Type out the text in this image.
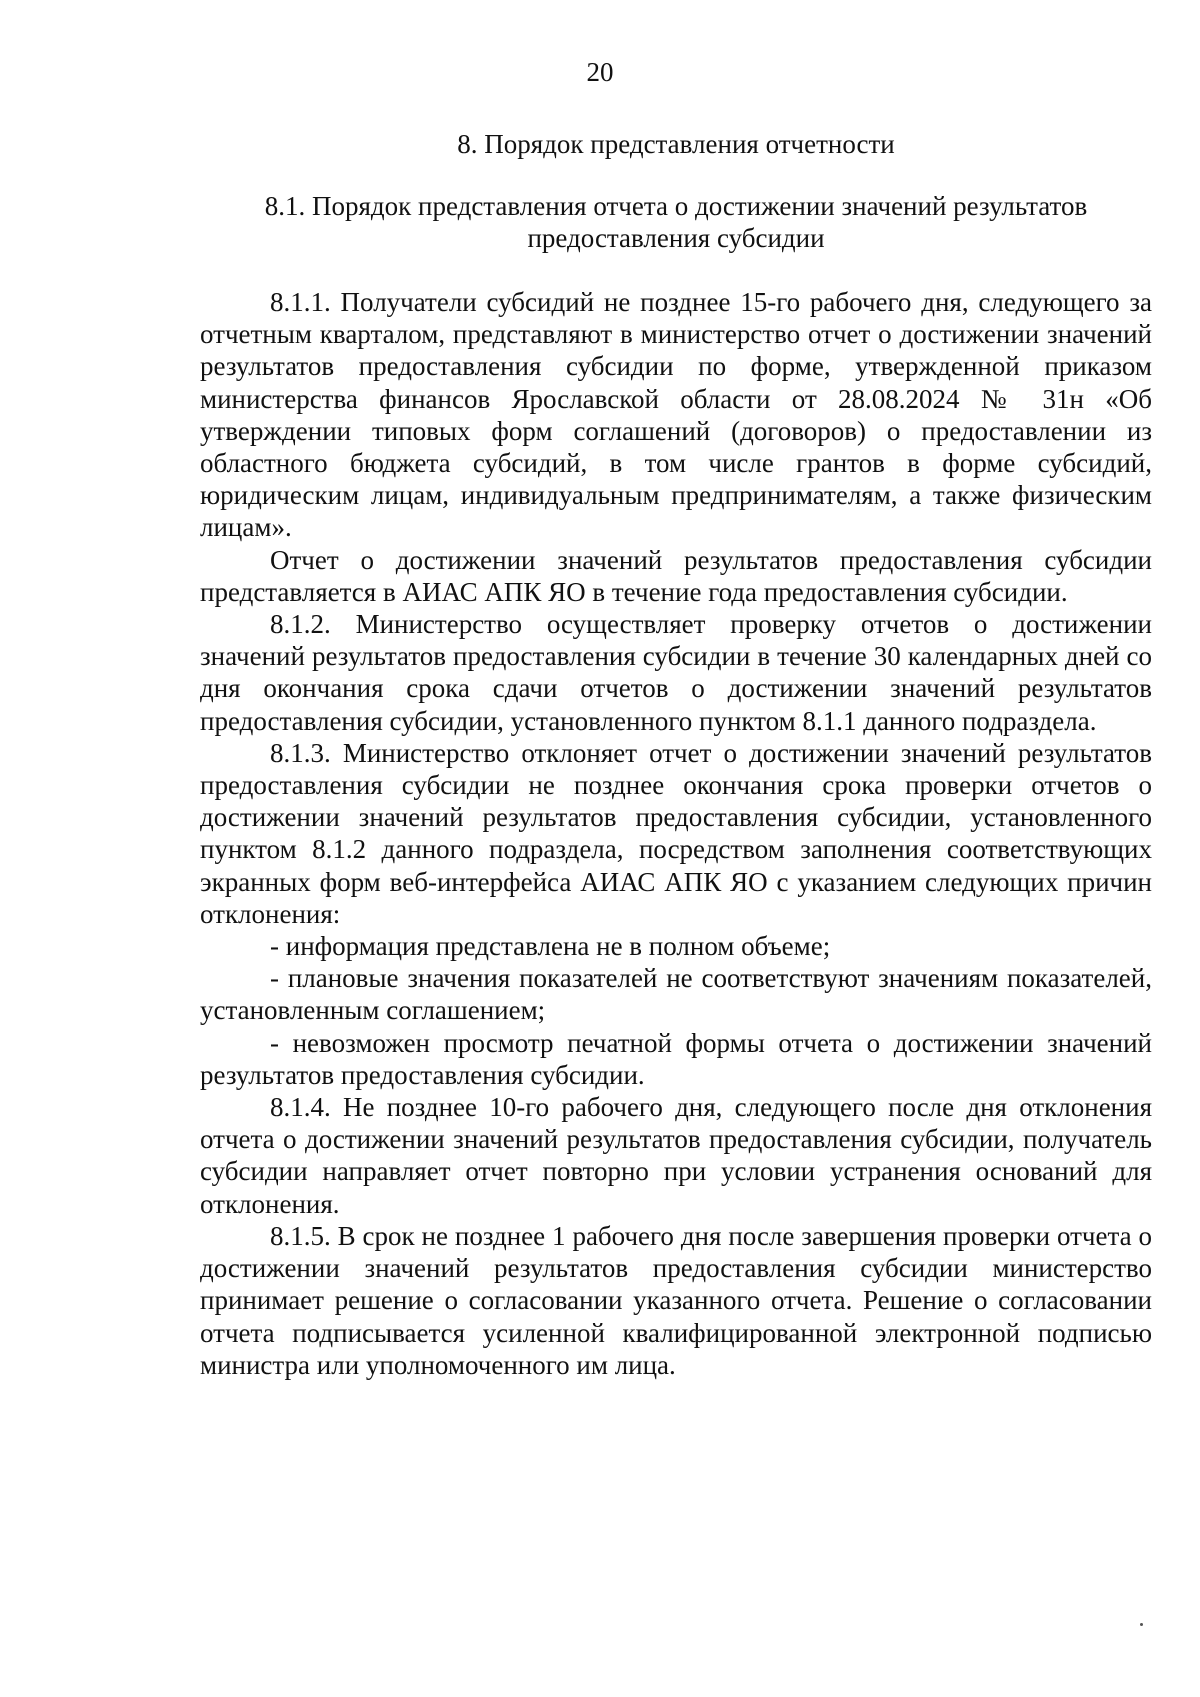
20
8. Порядок представления отчетности
8.1. Порядок представления отчета о достижении значений результатов предоставления субсидии

8.1.1. Получатели субсидий не позднее 15-го рабочего дня, следующего за отчетным кварталом, представляют в министерство отчет о достижении значений результатов предоставления субсидии по форме, утвержденной приказом министерства финансов Ярославской области от 28.08.2024 № 31н «Об утверждении типовых форм соглашений (договоров) о предоставлении из областного бюджета субсидий, в том числе грантов в форме субсидий, юридическим лицам, индивидуальным предпринимателям, а также физическим лицам».

Отчет о достижении значений результатов предоставления субсидии представляется в АИАС АПК ЯО в течение года предоставления субсидии.

8.1.2. Министерство осуществляет проверку отчетов о достижении значений результатов предоставления субсидии в течение 30 календарных дней со дня окончания срока сдачи отчетов о достижении значений результатов предоставления субсидии, установленного пунктом 8.1.1 данного подраздела.

8.1.3. Министерство отклоняет отчет о достижении значений результатов предоставления субсидии не позднее окончания срока проверки отчетов о достижении значений результатов предоставления субсидии, установленного пунктом 8.1.2 данного подраздела, посредством заполнения соответствующих экранных форм веб-интерфейса АИАС АПК ЯО с указанием следующих причин отклонения:

- информация представлена не в полном объеме;

- плановые значения показателей не соответствуют значениям показателей, установленным соглашением;

- невозможен просмотр печатной формы отчета о достижении значений результатов предоставления субсидии.

8.1.4. Не позднее 10-го рабочего дня, следующего после дня отклонения отчета о достижении значений результатов предоставления субсидии, получатель субсидии направляет отчет повторно при условии устранения оснований для отклонения.

8.1.5. В срок не позднее 1 рабочего дня после завершения проверки отчета о достижении значений результатов предоставления субсидии министерство принимает решение о согласовании указанного отчета. Решение о согласовании отчета подписывается усиленной квалифицированной электронной подписью министра или уполномоченного им лица.
